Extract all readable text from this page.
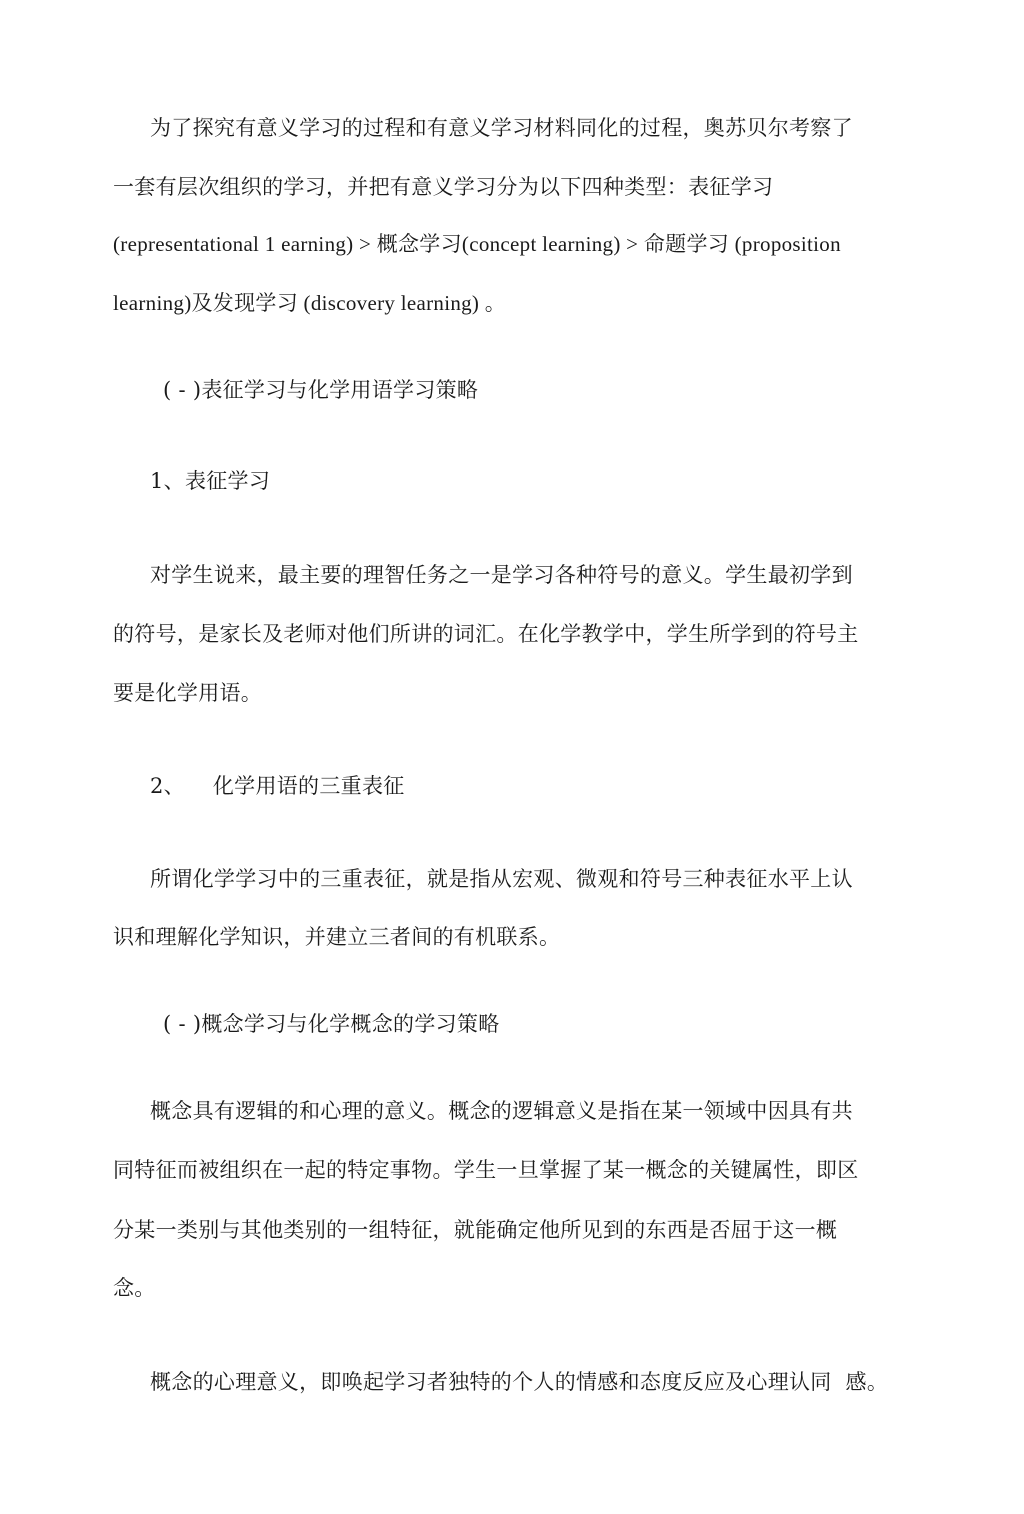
为了探究有意义学习的过程和有意义学习材料同化的过程，奥苏贝尔考察了
一套有层次组织的学习，并把有意义学习分为以下四种类型：表征学习
(representational 1 earning) > 概念学习(concept learning) > 命题学习 (proposition
learning)及发现学习 (discovery learning) 。
( - )表征学习与化学用语学习策略
1、表征学习
对学生说来，最主要的理智任务之一是学习各种符号的意义。学生最初学到
的符号，是家长及老师对他们所讲的词汇。在化学教学中，学生所学到的符号主
要是化学用语。
2、    化学用语的三重表征
所谓化学学习中的三重表征，就是指从宏观、微观和符号三种表征水平上认
识和理解化学知识，并建立三者间的有机联系。
( - )概念学习与化学概念的学习策略
概念具有逻辑的和心理的意义。概念的逻辑意义是指在某一领域中因具有共
同特征而被组织在一起的特定事物。学生一旦掌握了某一概念的关键属性，即区
分某一类别与其他类别的一组特征，就能确定他所见到的东西是否屈于这一概
念。
概念的心理意义，即唤起学习者独特的个人的情感和态度反应及心理认同  感。
